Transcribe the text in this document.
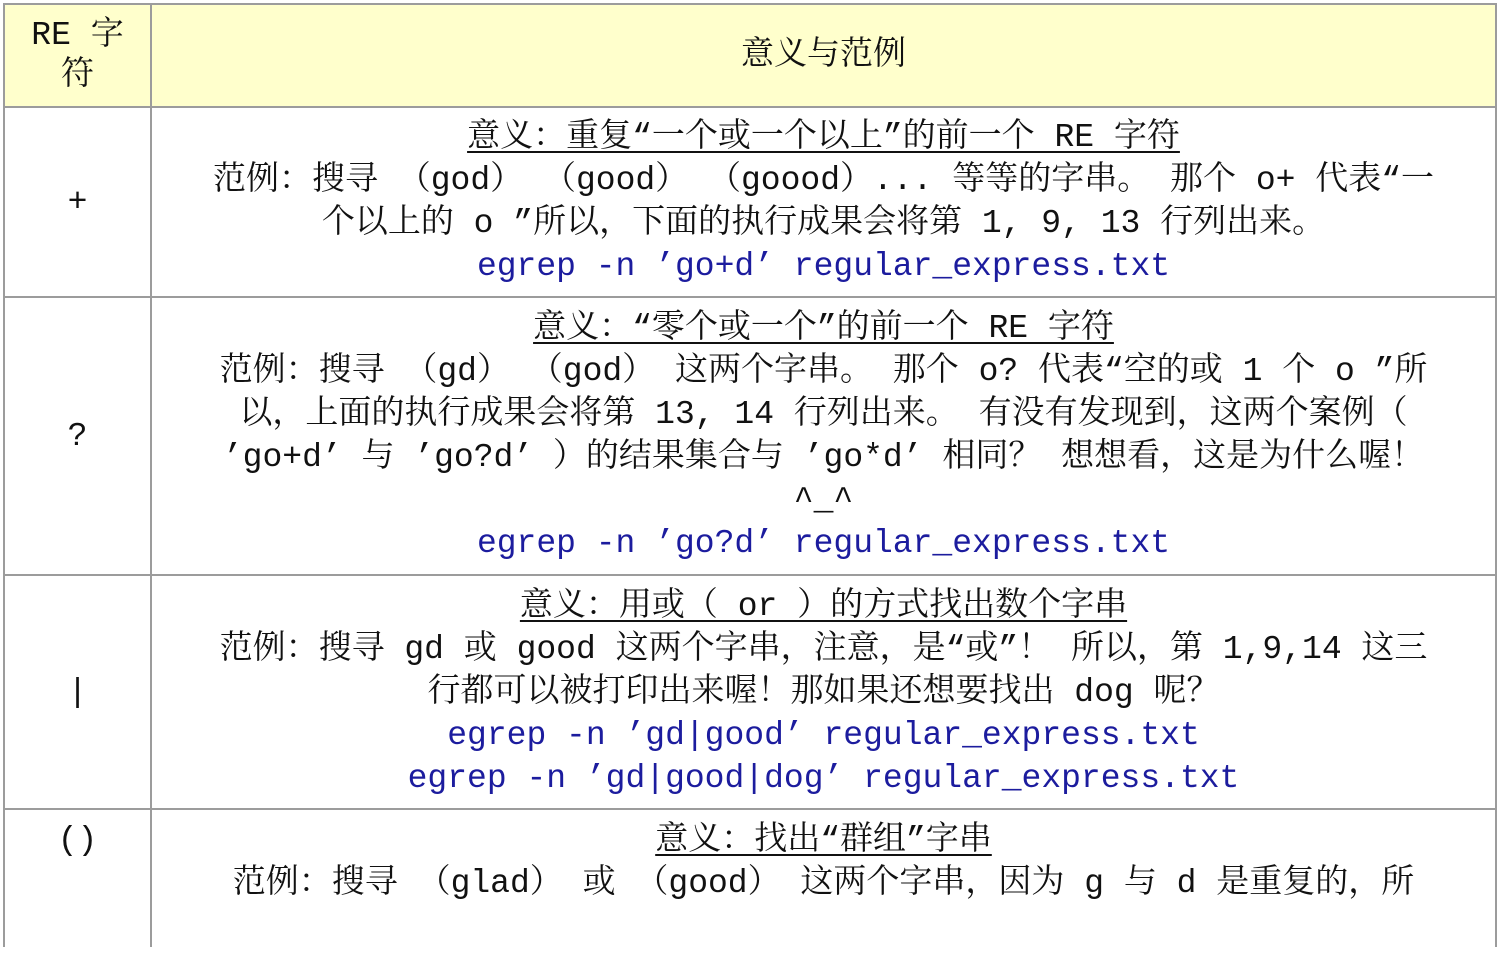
RE 字
符
意义与范例
+
意义：重复“一个或一个以上”的前一个 RE 字符
范例：搜寻 （god） （good） （goood）... 等等的字串。 那个 o+ 代表“一
个以上的 o ”所以，下面的执行成果会将第 1, 9, 13 行列出来。
egrep -n ’go+d’ regular_express.txt
?
意义：“零个或一个”的前一个 RE 字符
范例：搜寻 （gd） （god） 这两个字串。 那个 o? 代表“空的或 1 个 o ”所
以，上面的执行成果会将第 13, 14 行列出来。 有没有发现到，这两个案例（
’go+d’ 与 ’go?d’ ）的结果集合与 ’go*d’ 相同？ 想想看，这是为什么喔！
^_^
egrep -n ’go?d’ regular_express.txt
|
意义：用或（ or ）的方式找出数个字串
范例：搜寻 gd 或 good 这两个字串，注意，是“或”！ 所以，第 1,9,14 这三
行都可以被打印出来喔！那如果还想要找出 dog 呢？
egrep -n ’gd|good’ regular_express.txt
egrep -n ’gd|good|dog’ regular_express.txt
()	意义：找出“群组”字串
范例：搜寻 （glad） 或 （good） 这两个字串，因为 g 与 d 是重复的，所
